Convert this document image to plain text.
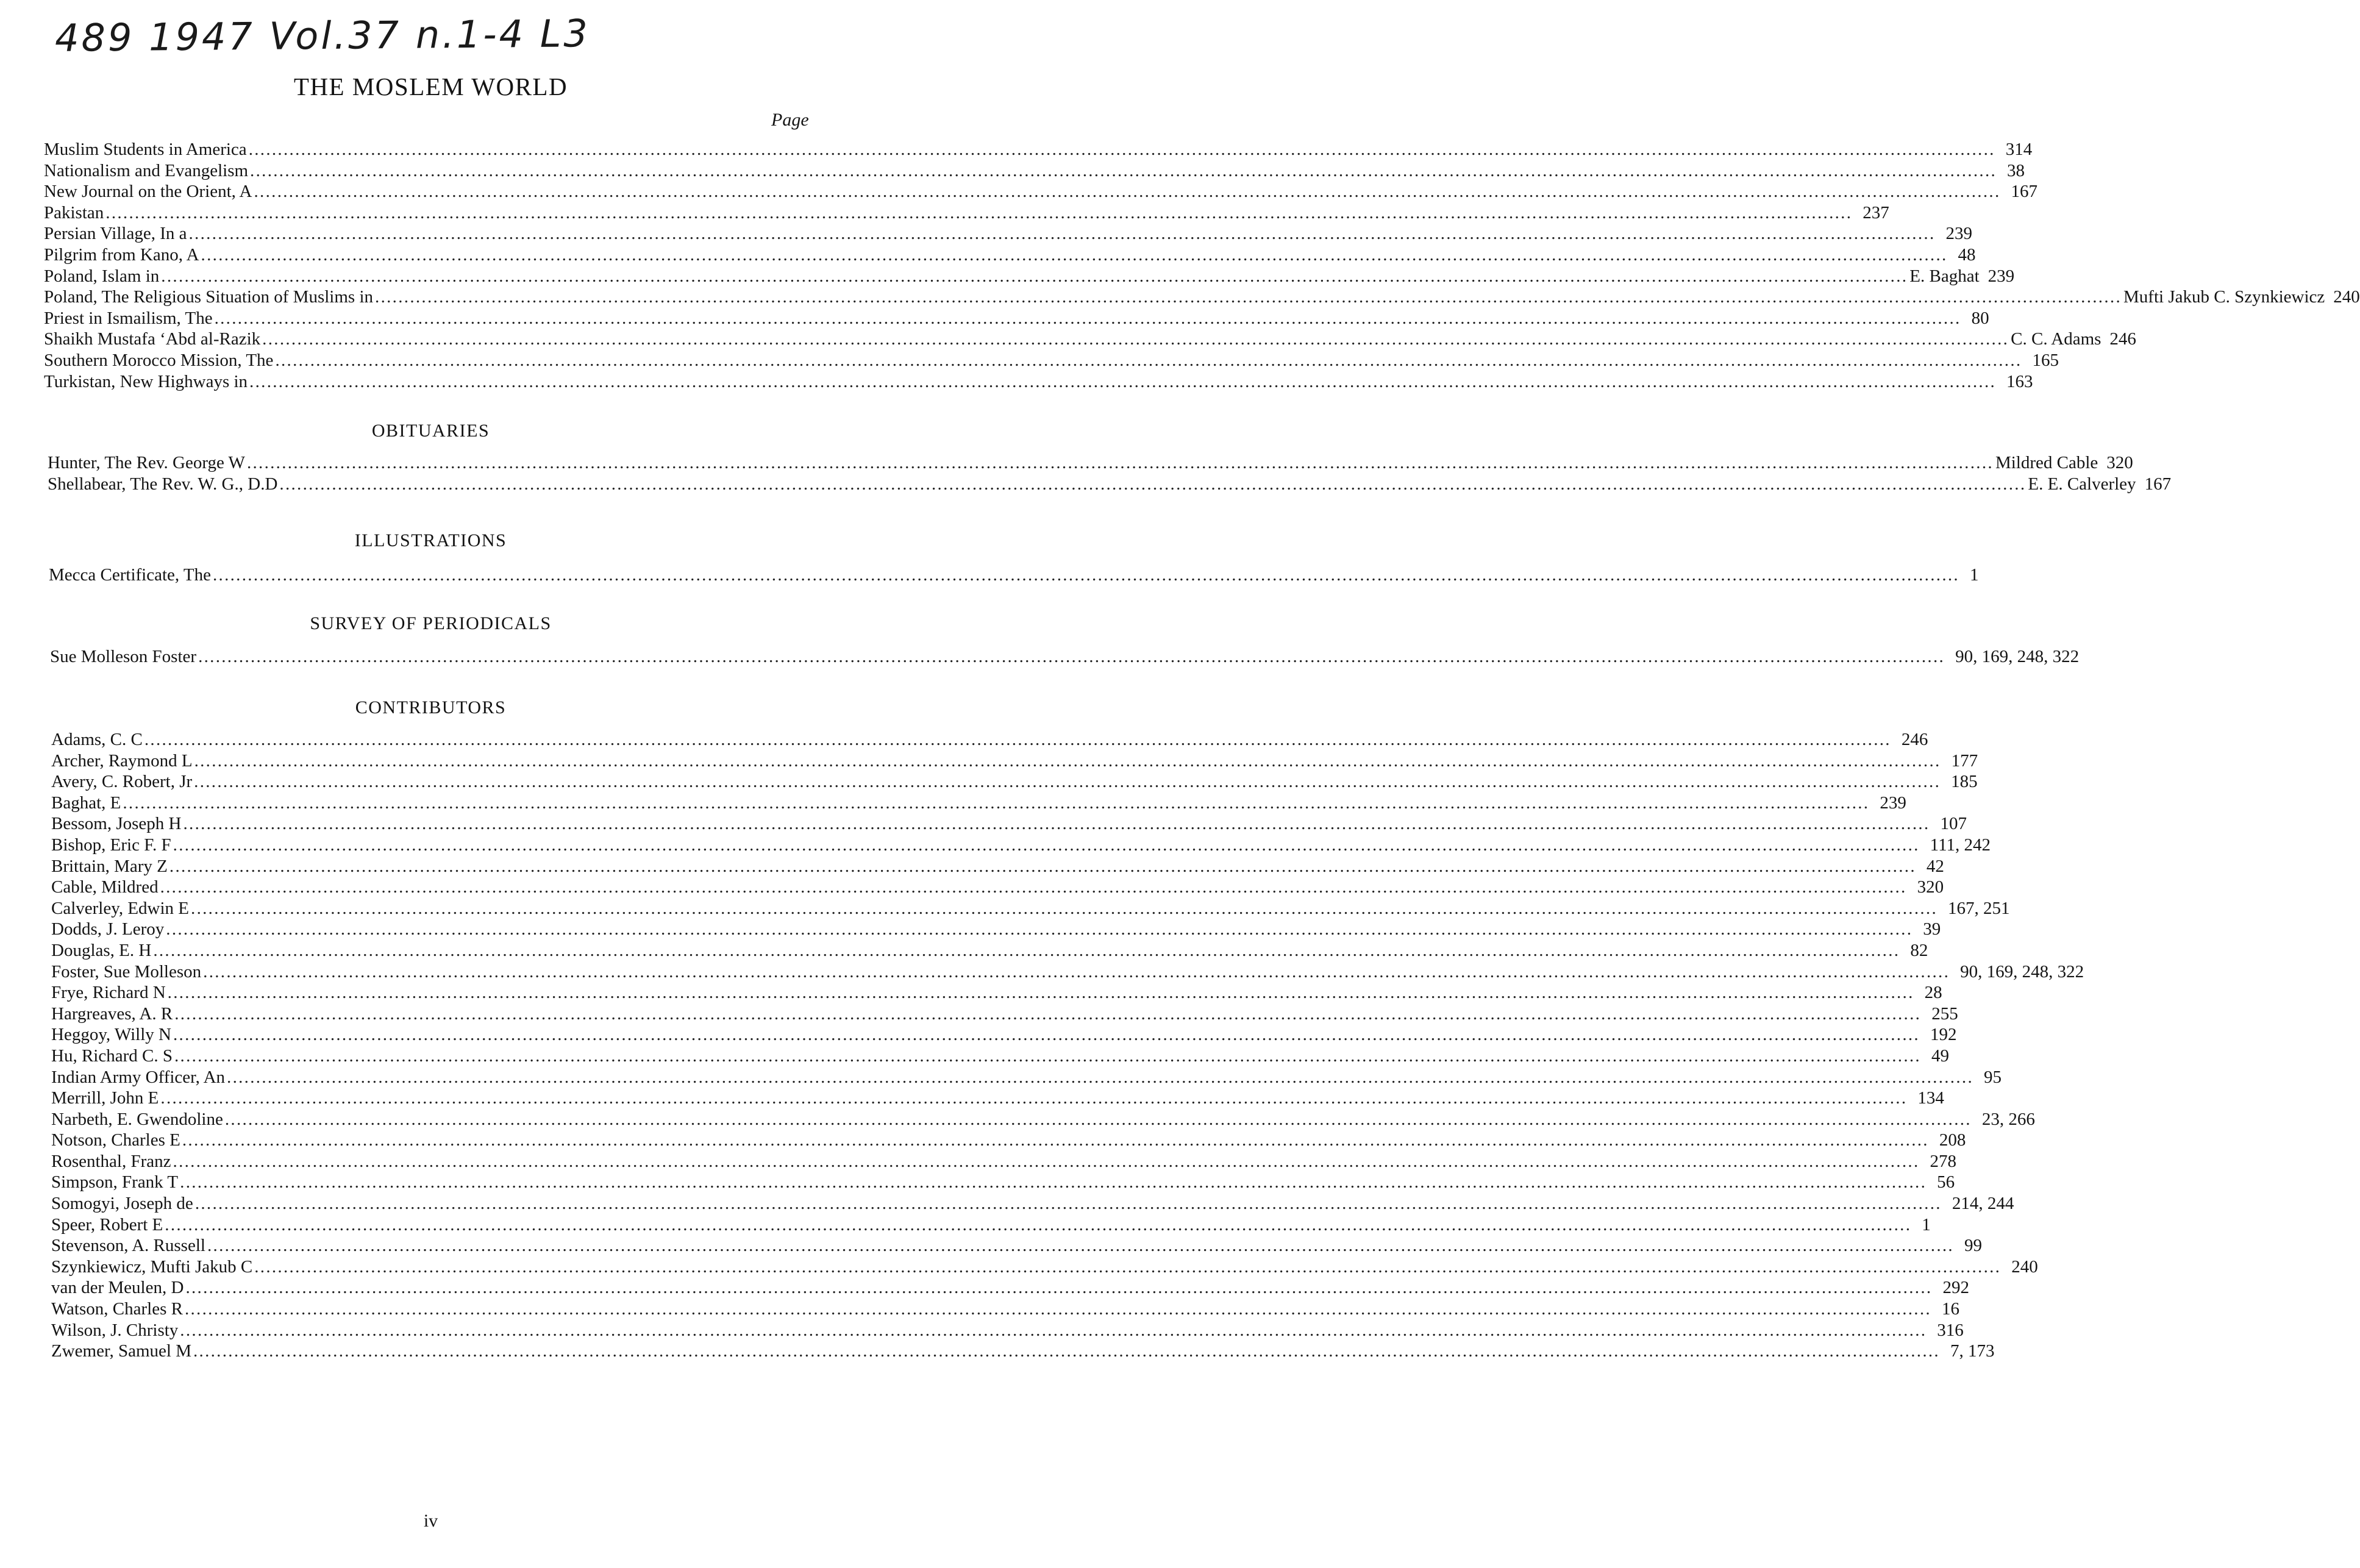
489 1947 Vol.37 n.1-4 L3
THE MOSLEM WORLD
Page
Muslim Students in America ............................................................................................................................................................................................................................................................................................................ 314
Nationalism and Evangelism ............................................................................................................................................................................................................................................................................................................ 38
New Journal on the Orient, A ............................................................................................................................................................................................................................................................................................................ 167
Pakistan ............................................................................................................................................................................................................................................................................................................ 237
Persian Village, In a ............................................................................................................................................................................................................................................................................................................ 239
Pilgrim from Kano, A ............................................................................................................................................................................................................................................................................................................ 48
Poland, Islam in ............................................................................................................................................................................................................................................................................................................ E. Baghat 239
Poland, The Religious Situation of Muslims in ............................................................................................................................................................................................................................................................................................................ Mufti Jakub C. Szynkiewicz 240
Priest in Ismailism, The ............................................................................................................................................................................................................................................................................................................ 80
Shaikh Mustafa ‘Abd al-Razik ............................................................................................................................................................................................................................................................................................................ C. C. Adams 246
Southern Morocco Mission, The ............................................................................................................................................................................................................................................................................................................ 165
Turkistan, New Highways in ............................................................................................................................................................................................................................................................................................................ 163
OBITUARIES
Hunter, The Rev. George W ............................................................................................................................................................................................................................................................................................................ Mildred Cable 320
Shellabear, The Rev. W. G., D.D ............................................................................................................................................................................................................................................................................................................ E. E. Calverley 167
ILLUSTRATIONS
Mecca Certificate, The ............................................................................................................................................................................................................................................................................................................ 1
SURVEY OF PERIODICALS
Sue Molleson Foster ............................................................................................................................................................................................................................................................................................................ 90, 169, 248, 322
CONTRIBUTORS
Adams, C. C ............................................................................................................................................................................................................................................................................................................ 246
Archer, Raymond L ............................................................................................................................................................................................................................................................................................................ 177
Avery, C. Robert, Jr ............................................................................................................................................................................................................................................................................................................ 185
Baghat, E ............................................................................................................................................................................................................................................................................................................ 239
Bessom, Joseph H ............................................................................................................................................................................................................................................................................................................ 107
Bishop, Eric F. F ............................................................................................................................................................................................................................................................................................................ 111, 242
Brittain, Mary Z ............................................................................................................................................................................................................................................................................................................ 42
Cable, Mildred ............................................................................................................................................................................................................................................................................................................ 320
Calverley, Edwin E ............................................................................................................................................................................................................................................................................................................ 167, 251
Dodds, J. Leroy ............................................................................................................................................................................................................................................................................................................ 39
Douglas, E. H ............................................................................................................................................................................................................................................................................................................ 82
Foster, Sue Molleson ............................................................................................................................................................................................................................................................................................................ 90, 169, 248, 322
Frye, Richard N ............................................................................................................................................................................................................................................................................................................ 28
Hargreaves, A. R ............................................................................................................................................................................................................................................................................................................ 255
Heggoy, Willy N ............................................................................................................................................................................................................................................................................................................ 192
Hu, Richard C. S ............................................................................................................................................................................................................................................................................................................ 49
Indian Army Officer, An ............................................................................................................................................................................................................................................................................................................ 95
Merrill, John E ............................................................................................................................................................................................................................................................................................................ 134
Narbeth, E. Gwendoline ............................................................................................................................................................................................................................................................................................................ 23, 266
Notson, Charles E ............................................................................................................................................................................................................................................................................................................ 208
Rosenthal, Franz ............................................................................................................................................................................................................................................................................................................ 278
Simpson, Frank T ............................................................................................................................................................................................................................................................................................................ 56
Somogyi, Joseph de ............................................................................................................................................................................................................................................................................................................ 214, 244
Speer, Robert E ............................................................................................................................................................................................................................................................................................................ 1
Stevenson, A. Russell ............................................................................................................................................................................................................................................................................................................ 99
Szynkiewicz, Mufti Jakub C ............................................................................................................................................................................................................................................................................................................ 240
van der Meulen, D ............................................................................................................................................................................................................................................................................................................ 292
Watson, Charles R ............................................................................................................................................................................................................................................................................................................ 16
Wilson, J. Christy ............................................................................................................................................................................................................................................................................................................ 316
Zwemer, Samuel M ............................................................................................................................................................................................................................................................................................................ 7, 173
iv
